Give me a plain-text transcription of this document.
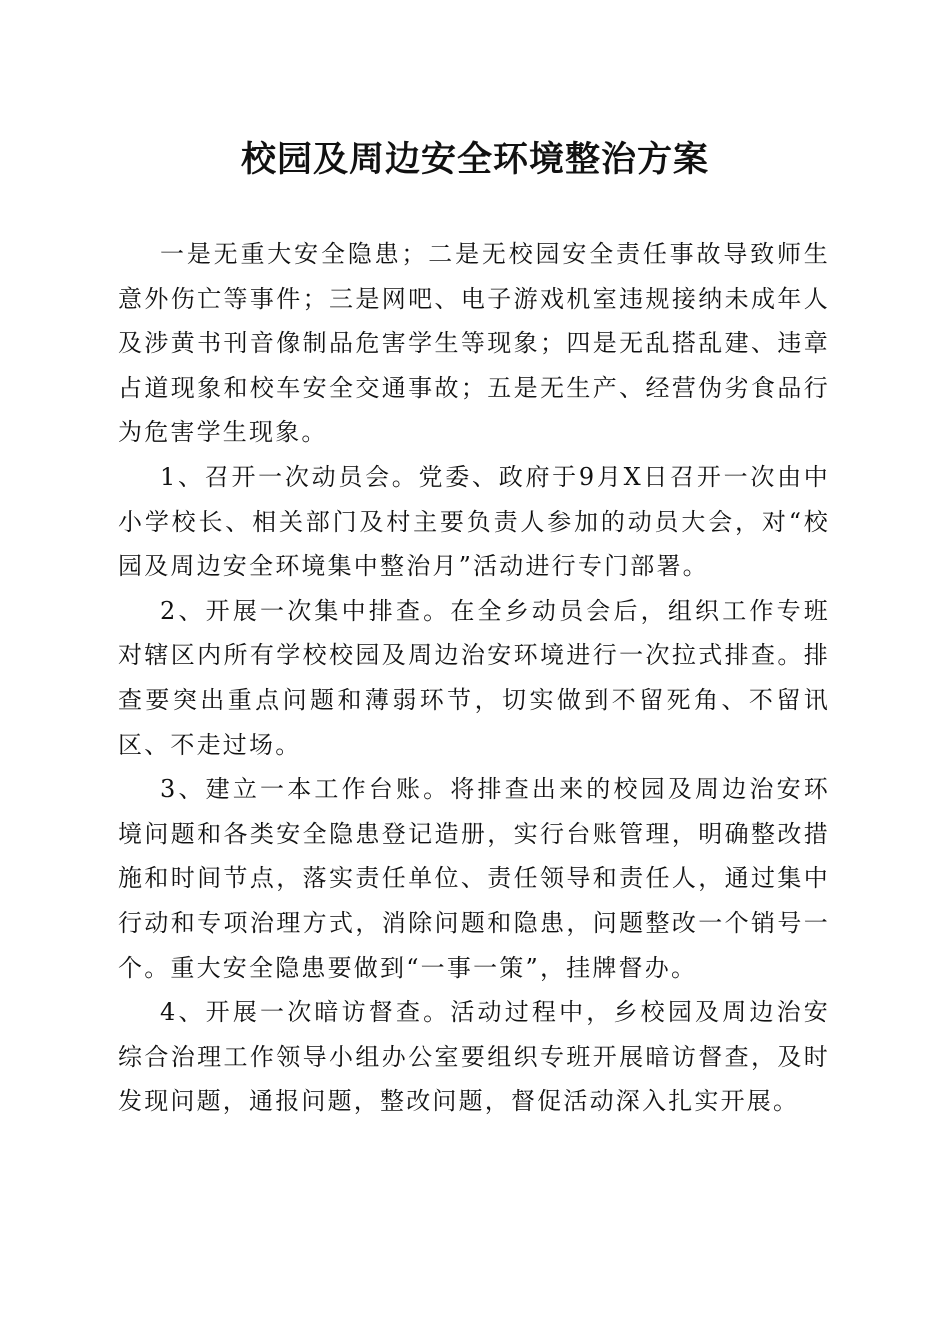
校园及周边安全环境整治方案

一是无重大安全隐患；二是无校园安全责任事故导致师生意外伤亡等事件；三是网吧、电子游戏机室违规接纳未成年人及涉黄书刊音像制品危害学生等现象；四是无乱搭乱建、违章占道现象和校车安全交通事故；五是无生产、经营伪劣食品行为危害学生现象。

1、召开一次动员会。党委、政府于9月X日召开一次由中小学校长、相关部门及村主要负责人参加的动员大会，对“校园及周边安全环境集中整治月”活动进行专门部署。

2、开展一次集中排查。在全乡动员会后，组织工作专班对辖区内所有学校校园及周边治安环境进行一次拉式排查。排查要突出重点问题和薄弱环节，切实做到不留死角、不留讯区、不走过场。

3、建立一本工作台账。将排查出来的校园及周边治安环境问题和各类安全隐患登记造册，实行台账管理，明确整改措施和时间节点，落实责任单位、责任领导和责任人，通过集中行动和专项治理方式，消除问题和隐患，问题整改一个销号一个。重大安全隐患要做到“一事一策”，挂牌督办。

4、开展一次暗访督查。活动过程中，乡校园及周边治安综合治理工作领导小组办公室要组织专班开展暗访督查，及时发现问题，通报问题，整改问题，督促活动深入扎实开展。
